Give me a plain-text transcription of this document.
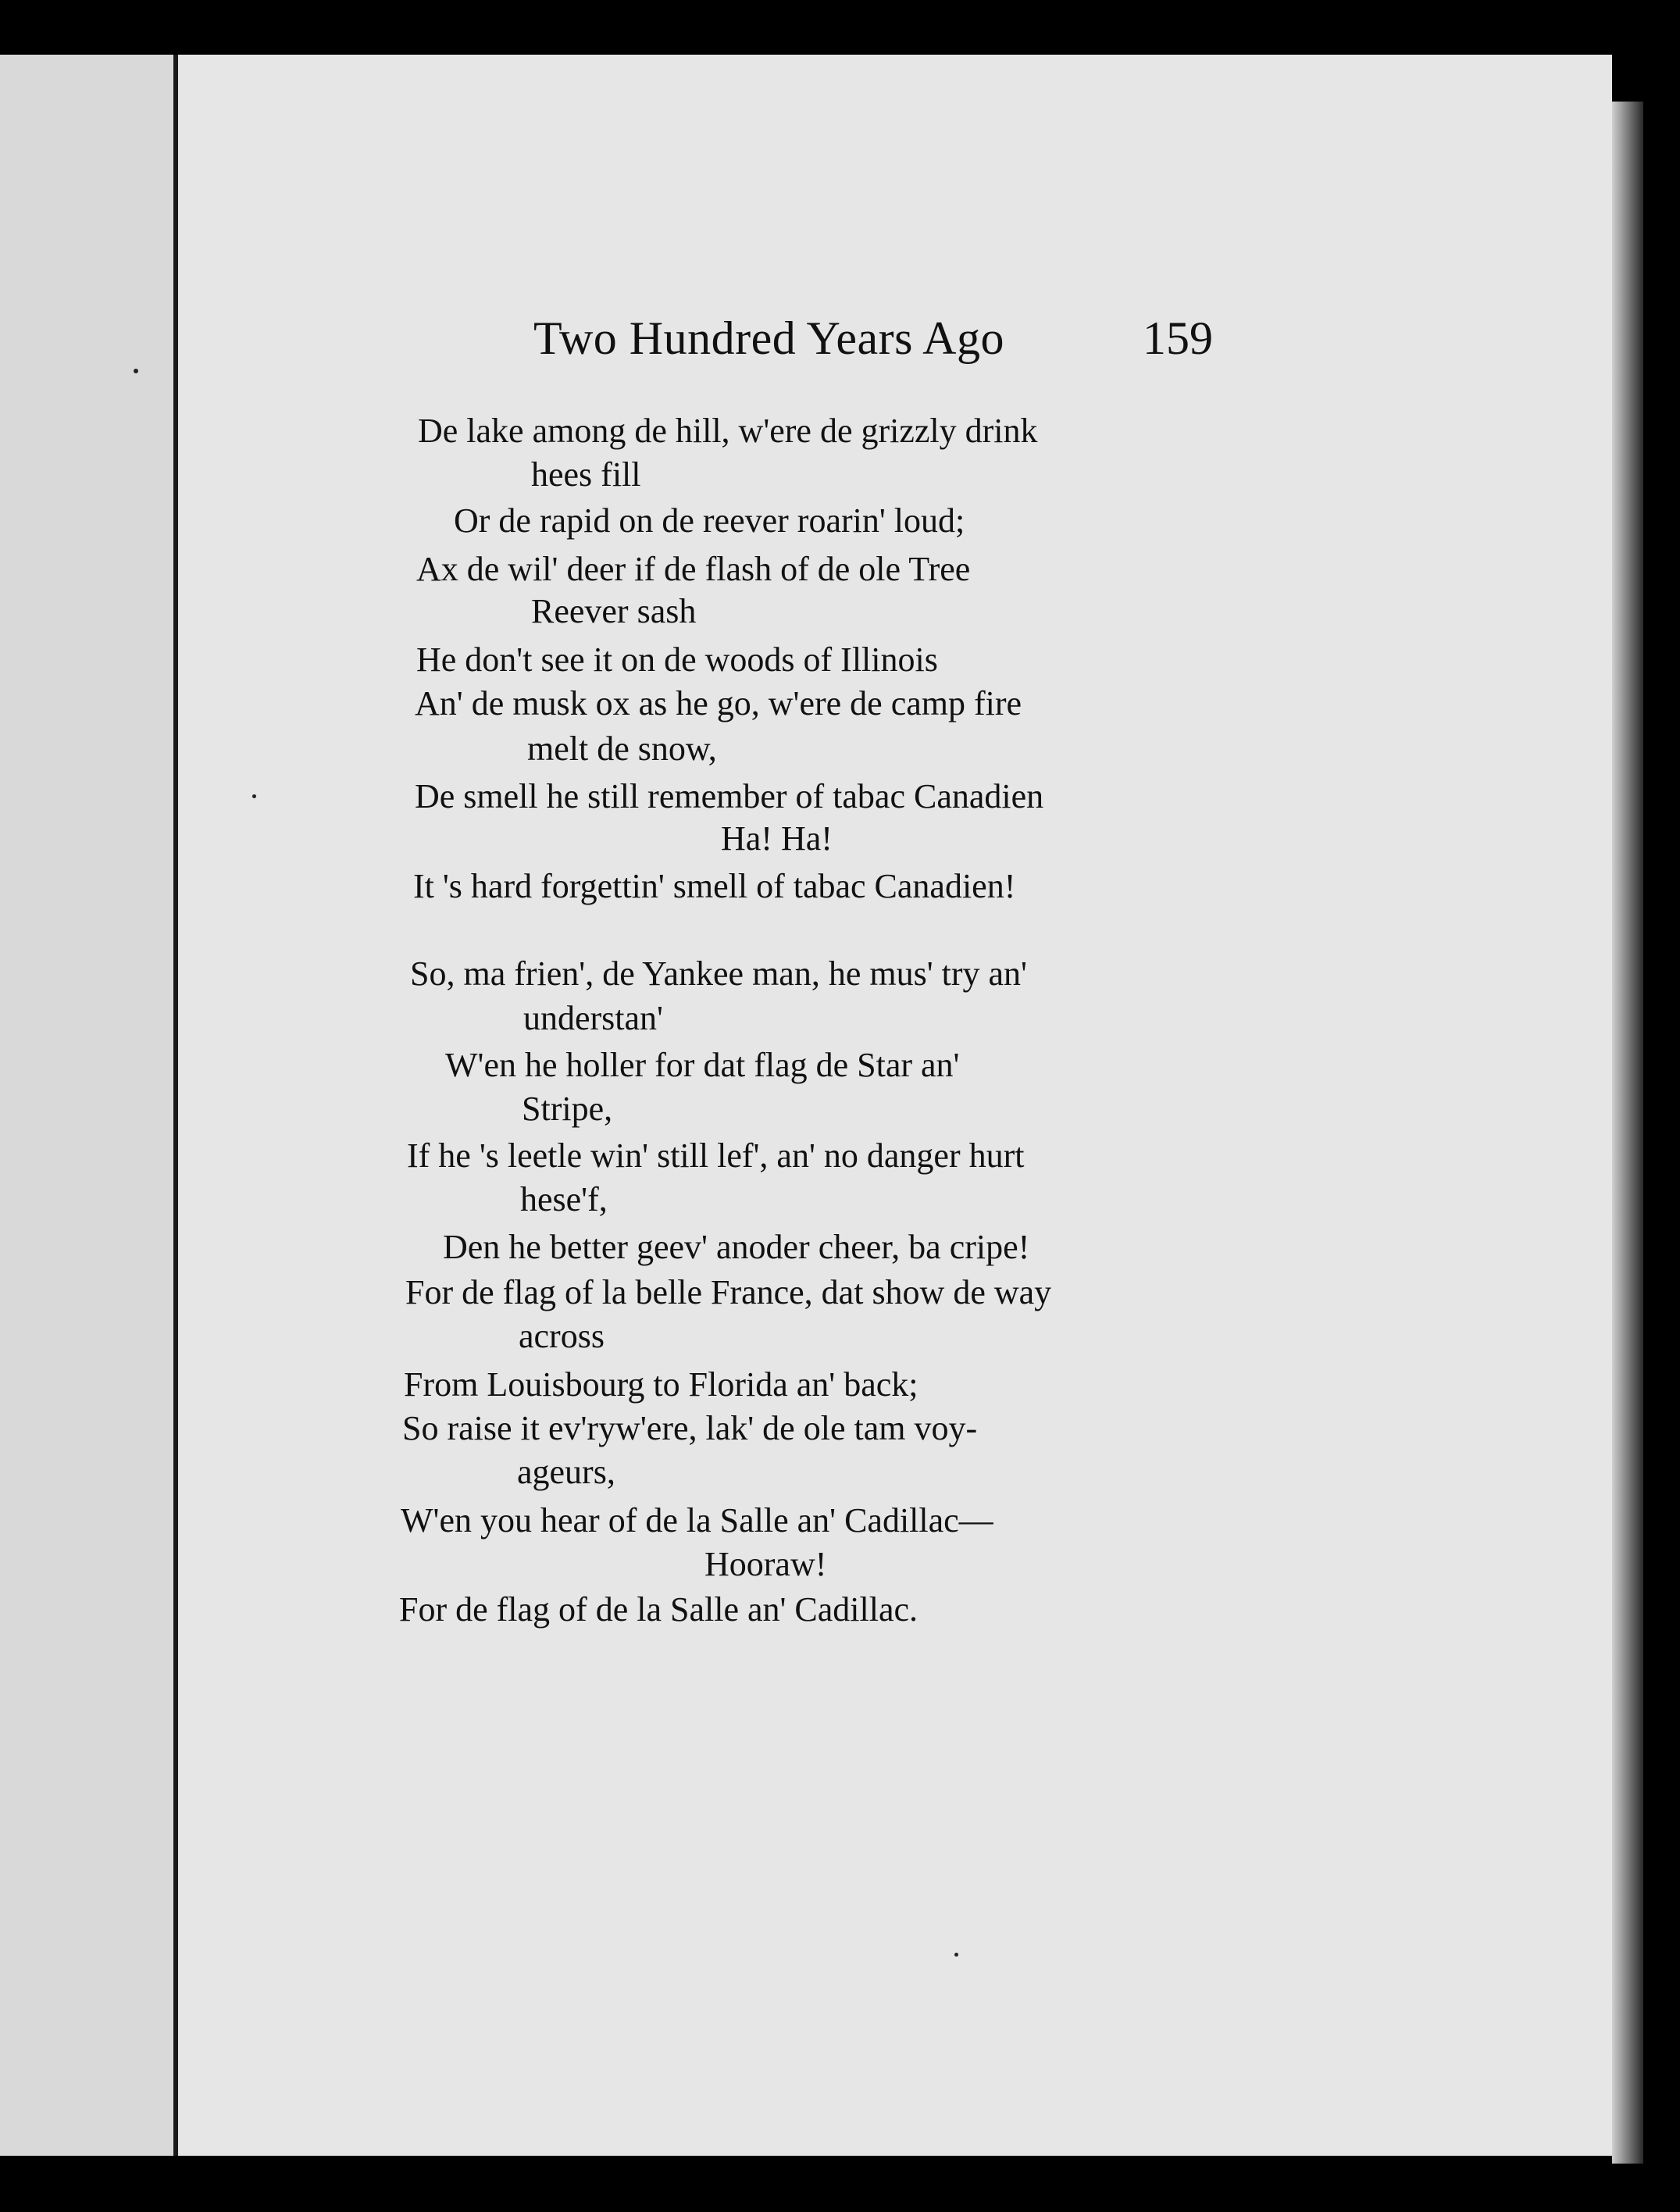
Two Hundred Years Ago	159
De lake among de hill, w'ere de grizzly drink
hees fill
Or de rapid on de reever roarin' loud;
Ax de wil' deer if de flash of de ole Tree
Reever sash
He don't see it on de woods of Illinois
An' de musk ox as he go, w'ere de camp fire
melt de snow,
De smell he still remember of tabac Canadien
Ha! Ha!
It 's hard forgettin' smell of tabac Canadien!
So, ma frien', de Yankee man, he mus' try an'
understan'
W'en he holler for dat flag de Star an'
Stripe,
If he 's leetle win' still lef', an' no danger hurt
hese'f,
Den he better geev' anoder cheer, ba cripe!
For de flag of la belle France, dat show de way
across
From Louisbourg to Florida an' back;
So raise it ev'ryw'ere, lak' de ole tam voy-
ageurs,
W'en you hear of de la Salle an' Cadillac—
Hooraw!
For de flag of de la Salle an' Cadillac.
